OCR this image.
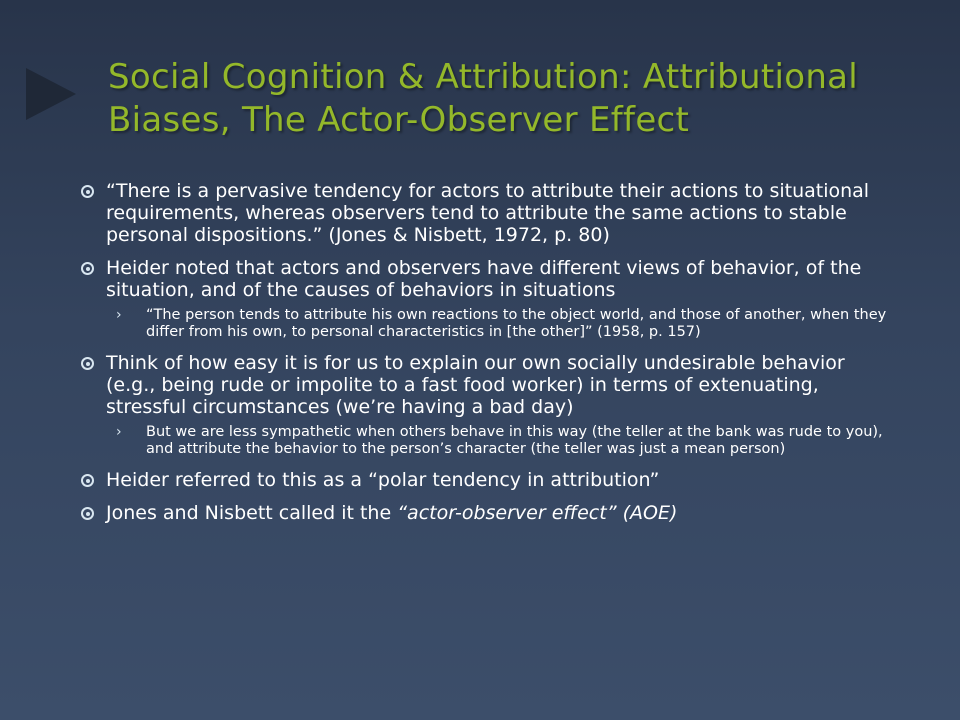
Social Cognition & Attribution: Attributional Biases, The Actor-Observer Effect
“There is a pervasive tendency for actors to attribute their actions to situational requirements, whereas observers tend to attribute the same actions to stable personal dispositions.” (Jones & Nisbett, 1972, p. 80)
Heider noted that actors and observers have different views of behavior, of the situation, and of the causes of behaviors in situations
› “The person tends to attribute his own reactions to the object world, and those of another, when they differ from his own, to personal characteristics in [the other]” (1958, p. 157)
Think of how easy it is for us to explain our own socially undesirable behavior (e.g., being rude or impolite to a fast food worker) in terms of extenuating, stressful circumstances (we’re having a bad day)
› But we are less sympathetic when others behave in this way (the teller at the bank was rude to you), and attribute the behavior to the person’s character (the teller was just a mean person)
Heider referred to this as a “polar tendency in attribution”
Jones and Nisbett called it the “actor-observer effect” (AOE)
